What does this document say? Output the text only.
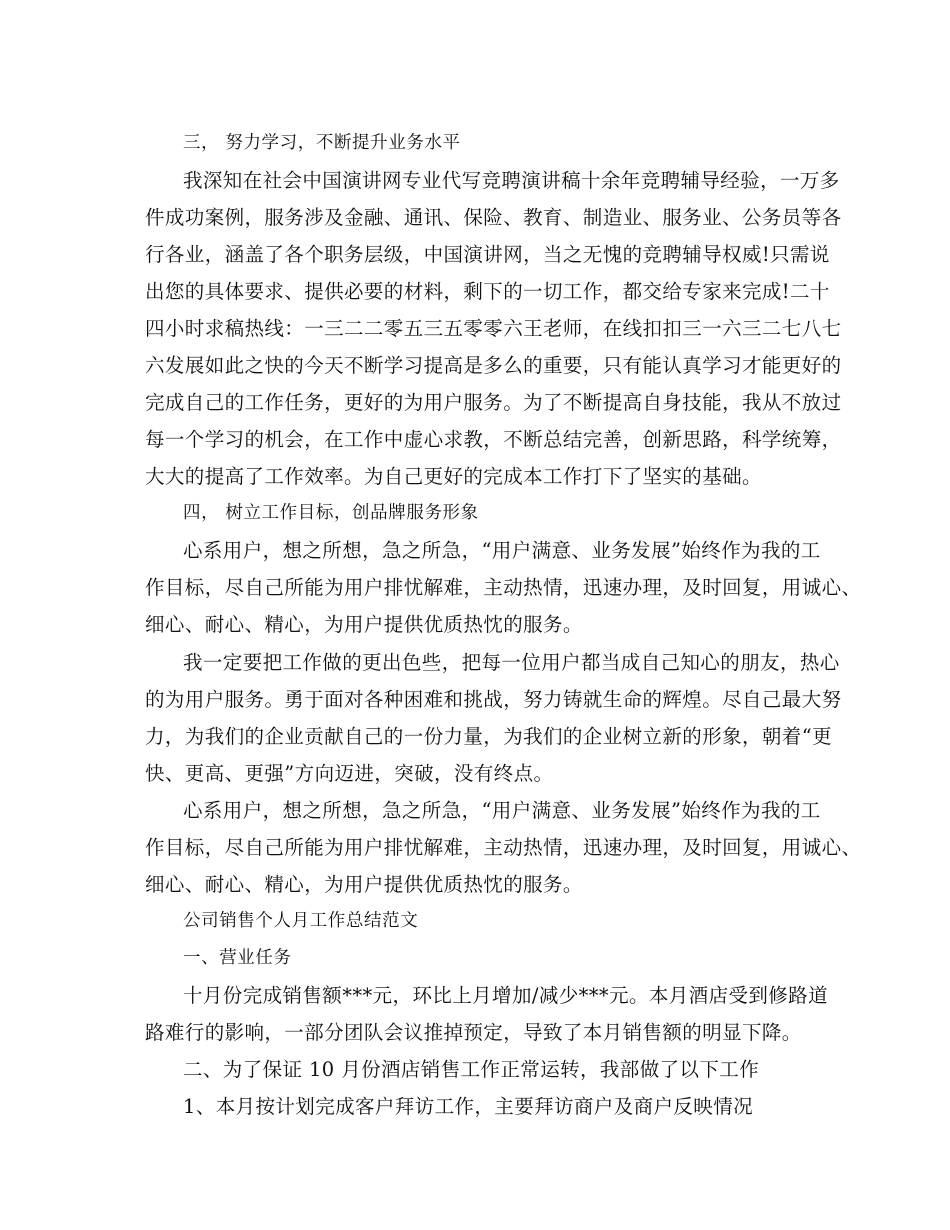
三， 努力学习，不断提升业务水平
我深知在社会中国演讲网专业代写竞聘演讲稿十余年竞聘辅导经验，一万多
件成功案例，服务涉及金融、通讯、保险、教育、制造业、服务业、公务员等各
行各业，涵盖了各个职务层级，中国演讲网，当之无愧的竞聘辅导权威!只需说
出您的具体要求、提供必要的材料，剩下的一切工作，都交给专家来完成!二十
四小时求稿热线：一三二二零五三五零零六王老师，在线扣扣三一六三二七八七
六发展如此之快的今天不断学习提高是多么的重要，只有能认真学习才能更好的
完成自己的工作任务，更好的为用户服务。为了不断提高自身技能，我从不放过
每一个学习的机会，在工作中虚心求教，不断总结完善，创新思路，科学统筹，
大大的提高了工作效率。为自己更好的完成本工作打下了坚实的基础。
四， 树立工作目标，创品牌服务形象
心系用户，想之所想，急之所急，“用户满意、业务发展”始终作为我的工
作目标，尽自己所能为用户排忧解难，主动热情，迅速办理，及时回复，用诚心、
细心、耐心、精心，为用户提供优质热忱的服务。
我一定要把工作做的更出色些，把每一位用户都当成自己知心的朋友，热心
的为用户服务。勇于面对各种困难和挑战，努力铸就生命的辉煌。尽自己最大努
力，为我们的企业贡献自己的一份力量，为我们的企业树立新的形象，朝着“更
快、更高、更强”方向迈进，突破，没有终点。
心系用户，想之所想，急之所急，“用户满意、业务发展”始终作为我的工
作目标，尽自己所能为用户排忧解难，主动热情，迅速办理，及时回复，用诚心、
细心、耐心、精心，为用户提供优质热忱的服务。
公司销售个人月工作总结范文
一、营业任务
十月份完成销售额***元，环比上月增加/减少***元。本月酒店受到修路道
路难行的影响，一部分团队会议推掉预定，导致了本月销售额的明显下降。
二、为了保证 10 月份酒店销售工作正常运转，我部做了以下工作
1、本月按计划完成客户拜访工作，主要拜访商户及商户反映情况
